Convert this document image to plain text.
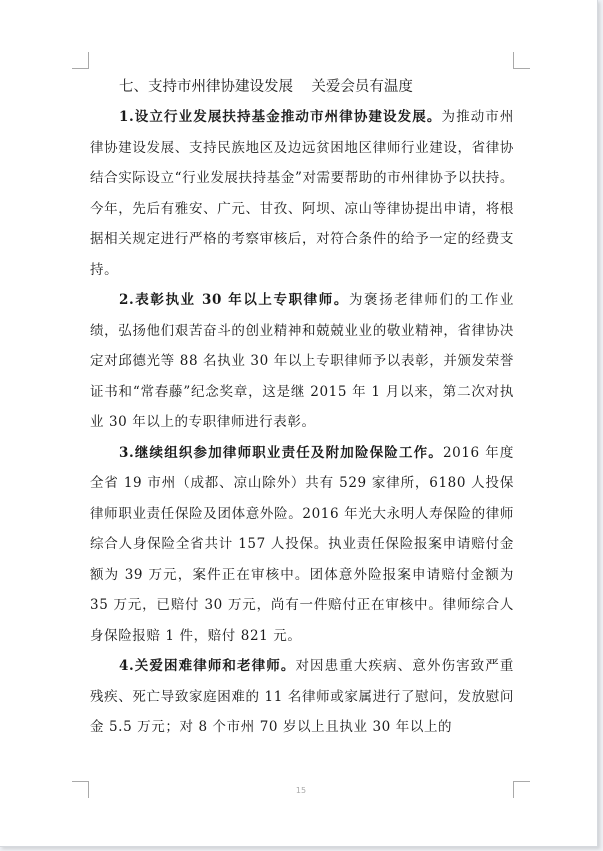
七、支持市州律协建设发展    关爱会员有温度

1.设立行业发展扶持基金推动市州律协建设发展。为推动市州律协建设发展、支持民族地区及边远贫困地区律师行业建设，省律协结合实际设立“行业发展扶持基金”对需要帮助的市州律协予以扶持。今年，先后有雅安、广元、甘孜、阿坝、凉山等律协提出申请，将根据相关规定进行严格的考察审核后，对符合条件的给予一定的经费支持。

2.表彰执业 30 年以上专职律师。为褒扬老律师们的工作业绩，弘扬他们艰苦奋斗的创业精神和兢兢业业的敬业精神，省律协决定对邱德光等 88 名执业 30 年以上专职律师予以表彰，并颁发荣誉证书和“常春藤”纪念奖章，这是继 2015 年 1 月以来，第二次对执业 30 年以上的专职律师进行表彰。

3.继续组织参加律师职业责任及附加险保险工作。2016 年度全省 19 市州（成都、凉山除外）共有 529 家律所，6180 人投保律师职业责任保险及团体意外险。2016 年光大永明人寿保险的律师综合人身保险全省共计 157 人投保。执业责任保险报案申请赔付金额为 39 万元，案件正在审核中。团体意外险报案申请赔付金额为 35 万元，已赔付 30 万元，尚有一件赔付正在审核中。律师综合人身保险报赔 1 件，赔付 821 元。

4.关爱困难律师和老律师。对因患重大疾病、意外伤害致严重残疾、死亡导致家庭困难的 11 名律师或家属进行了慰问，发放慰问金 5.5 万元；对 8 个市州 70 岁以上且执业 30 年以上的

15
